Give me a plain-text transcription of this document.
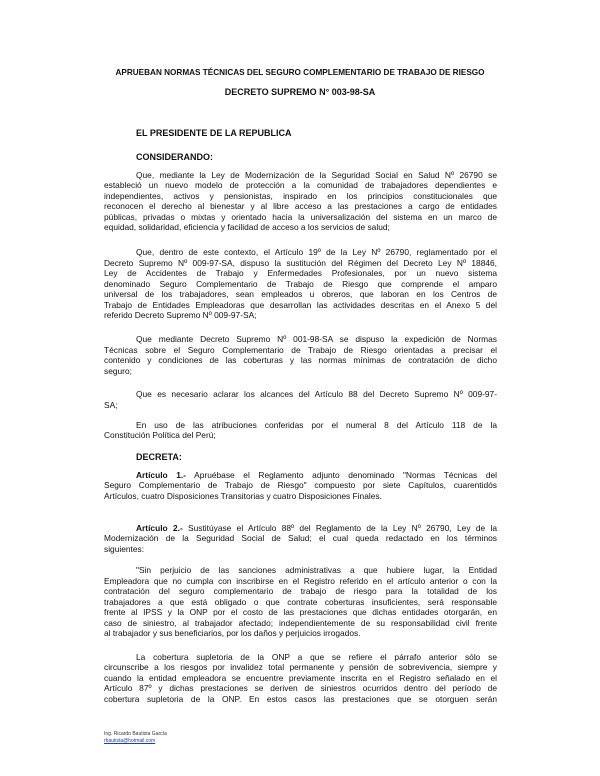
APRUEBAN NORMAS TÉCNICAS DEL SEGURO COMPLEMENTARIO DE TRABAJO DE RIESGO
DECRETO SUPREMO N° 003-98-SA
EL PRESIDENTE DE LA REPUBLICA
CONSIDERANDO:
Que, mediante la Ley de Modernización de la Seguridad Social en Salud Nº 26790 se
estableció un nuevo modelo de protección a la comunidad de trabajadores dependientes e
independientes, activos y pensionistas, inspirado en los principios constitucionales que
reconocen el derecho al bienestar y al libre acceso a las prestaciones a cargo de entidades
públicas, privadas o mixtas y orientado hacia la universalización del sistema en un marco de
equidad, solidaridad, eficiencia y facilidad de acceso a los servicios de salud;
Que, dentro de este contexto, el Artículo 19º de la Ley Nº 26790, reglamentado por el
Decreto Supremo Nº 009-97-SA, dispuso la sustitución del Régimen del Decreto Ley Nº 18846,
Ley de Accidentes de Trabajo y Enfermedades Profesionales, por un nuevo sistema
denominado Seguro Complementario de Trabajo de Riesgo que comprende el amparo
universal de los trabajadores, sean empleados u obreros, que laboran en los Centros de
Trabajo de Entidades Empleadoras que desarrollan las actividades descritas en el Anexo 5 del
referido Decreto Supremo Nº 009-97-SA;
Que mediante Decreto Supremo Nº 001-98-SA se dispuso la expedición de Normas
Técnicas sobre el Seguro Complementario de Trabajo de Riesgo orientadas a precisar el
contenido y condiciones de las coberturas y las normas mínimas de contratación de dicho
seguro;
Que es necesario aclarar los alcances del Artículo 88 del Decreto Supremo Nº 009-97-
SA;
En uso de las atribuciones conferidas por el numeral 8 del Artículo 118 de la
Constitución Política del Perú;
DECRETA:
Artículo 1.- Apruébase el Reglamento adjunto denominado "Normas Técnicas del
Seguro Complementario de Trabajo de Riesgo" compuesto por siete Capítulos, cuarentidós
Artículos, cuatro Disposiciones Transitorias y cuatro Disposiciones Finales.
Artículo 2.- Sustitúyase el Artículo 88º del Reglamento de la Ley Nº 26790, Ley de la
Modernización de la Seguridad Social de Salud; el cual queda redactado en los términos
siguientes:
"Sin perjuicio de las sanciones administrativas a que hubiere lugar, la Entidad
Empleadora que no cumpla con inscribirse en el Registro referido en el artículo anterior o con la
contratación del seguro complementario de trabajo de riesgo para la totalidad de los
trabajadores a que está obligado o que contrate coberturas insuficientes, será responsable
frente al IPSS y la ONP por el costo de las prestaciones que dichas entidades otorgarán, en
caso de siniestro, al trabajador afectado; independientemente de su responsabilidad civil frente
al trabajador y sus beneficiarios, por los daños y perjuicios irrogados.
La cobertura supletoria de la ONP a que se refiere el párrafo anterior sólo se
circunscribe a los riesgos por invalidez total permanente y pensión de sobrevivencia, siempre y
cuando la entidad empleadora se encuentre previamente inscrita en el Registro señalado en el
Artículo 87º y dichas prestaciones se deriven de siniestros ocurridos dentro del período de
cobertura supletoria de la ONP. En estos casos las prestaciones que se otorguen serán
Ing. Ricardo Bautista García
rbautista@hotmail.com
